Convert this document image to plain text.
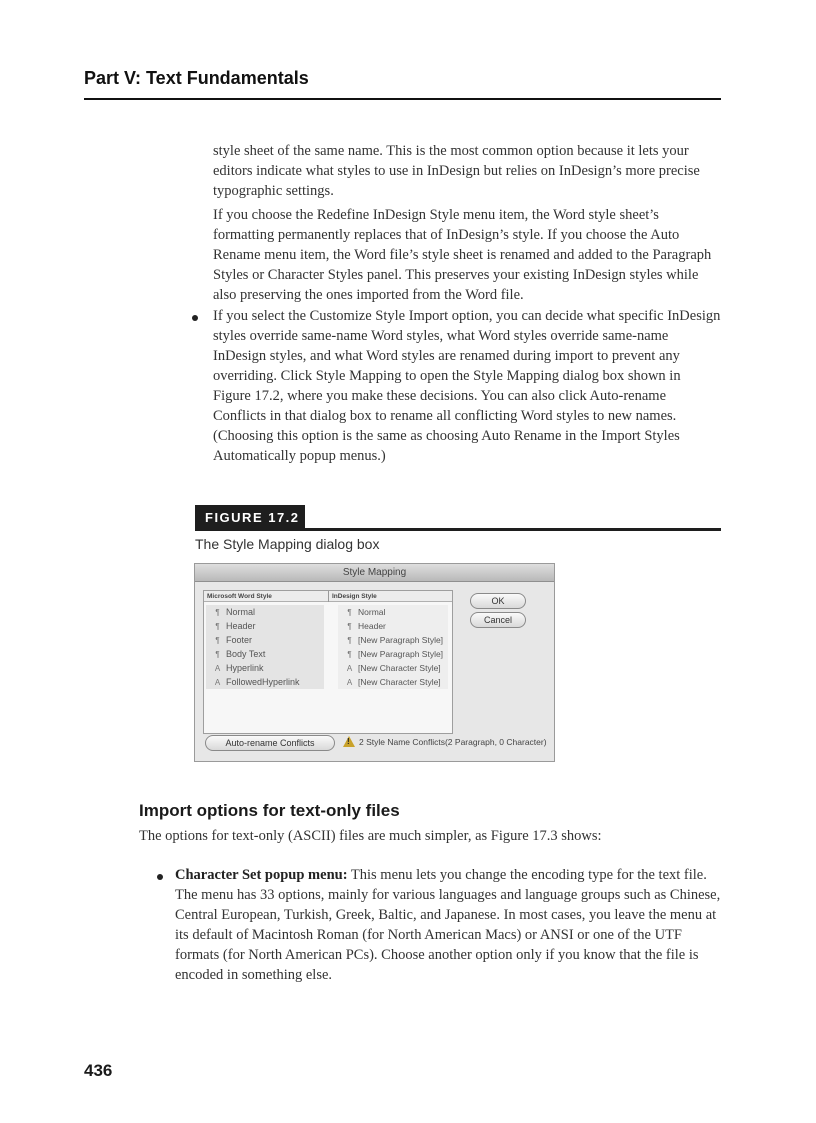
Part V: Text Fundamentals

style sheet of the same name. This is the most common option because it lets your editors indicate what styles to use in InDesign but relies on InDesign’s more precise typographic settings.

If you choose the Redefine InDesign Style menu item, the Word style sheet’s formatting permanently replaces that of InDesign’s style. If you choose the Auto Rename menu item, the Word file’s style sheet is renamed and added to the Paragraph Styles or Character Styles panel. This preserves your existing InDesign styles while also preserving the ones imported from the Word file.

If you select the Customize Style Import option, you can decide what specific InDesign styles override same-name Word styles, what Word styles override same-name InDesign styles, and what Word styles are renamed during import to prevent any overriding. Click Style Mapping to open the Style Mapping dialog box shown in Figure 17.2, where you make these decisions. You can also click Auto-rename Conflicts in that dialog box to rename all conflicting Word styles to new names. (Choosing this option is the same as choosing Auto Rename in the Import Styles Automatically popup menus.)

FIGURE 17.2
The Style Mapping dialog box
Style Mapping
Microsoft Word Style	InDesign Style
¶ Normal	¶ Normal
¶ Header	¶ Header
¶ Footer	¶ [New Paragraph Style]
¶ Body Text	¶ [New Paragraph Style]
A Hyperlink	A [New Character Style]
A FollowedHyperlink	A [New Character Style]
OK
Cancel
Auto-rename Conflicts	! 2 Style Name Conflicts(2 Paragraph, 0 Character)
Import options for text-only files

The options for text-only (ASCII) files are much simpler, as Figure 17.3 shows:

Character Set popup menu: This menu lets you change the encoding type for the text file. The menu has 33 options, mainly for various languages and language groups such as Chinese, Central European, Turkish, Greek, Baltic, and Japanese. In most cases, you leave the menu at its default of Macintosh Roman (for North American Macs) or ANSI or one of the UTF formats (for North American PCs). Choose another option only if you know that the file is encoded in something else.

436
